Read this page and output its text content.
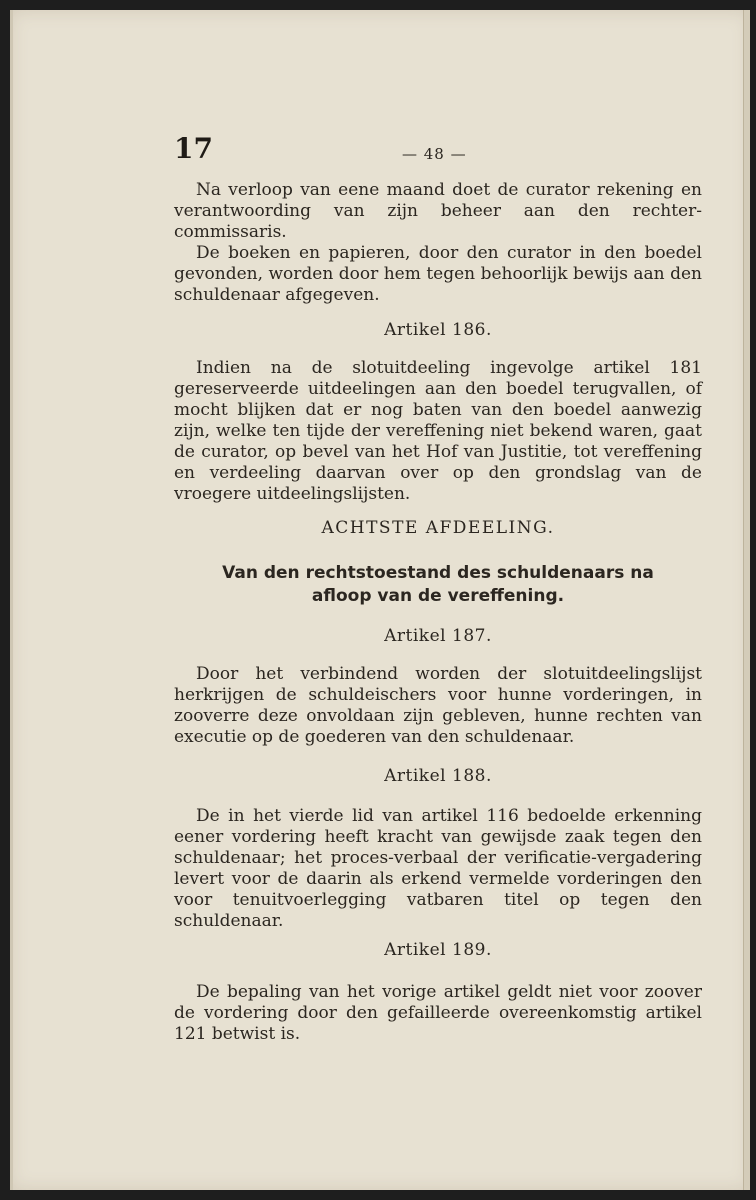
17	— 48 —

Na verloop van eene maand doet de curator rekening en verantwoording van zijn beheer aan den rechter-commissaris.

De boeken en papieren, door den curator in den boedel gevonden, worden door hem tegen behoorlijk bewijs aan den schuldenaar afgegeven.

Artikel 186.

Indien na de slotuitdeeling ingevolge artikel 181 gereserveerde uitdeelingen aan den boedel terugvallen, of mocht blijken dat er nog baten van den boedel aanwezig zijn, welke ten tijde der vereffening niet bekend waren, gaat de curator, op bevel van het Hof van Justitie, tot vereffening en verdeeling daarvan over op den grondslag van de vroegere uitdeelingslijsten.

ACHTSTE AFDEELING.
Van den rechtstoestand des schuldenaars na afloop van de vereffening.
Artikel 187.

Door het verbindend worden der slotuitdeelingslijst herkrijgen de schuldeischers voor hunne vorderingen, in zooverre deze onvoldaan zijn gebleven, hunne rechten van executie op de goederen van den schuldenaar.

Artikel 188.

De in het vierde lid van artikel 116 bedoelde erkenning eener vordering heeft kracht van gewijsde zaak tegen den schuldenaar; het proces-verbaal der verificatie-vergadering levert voor de daarin als erkend vermelde vorderingen den voor tenuitvoerlegging vatbaren titel op tegen den schuldenaar.

Artikel 189.

De bepaling van het vorige artikel geldt niet voor zoover de vordering door den gefailleerde overeenkomstig artikel 121 betwist is.
